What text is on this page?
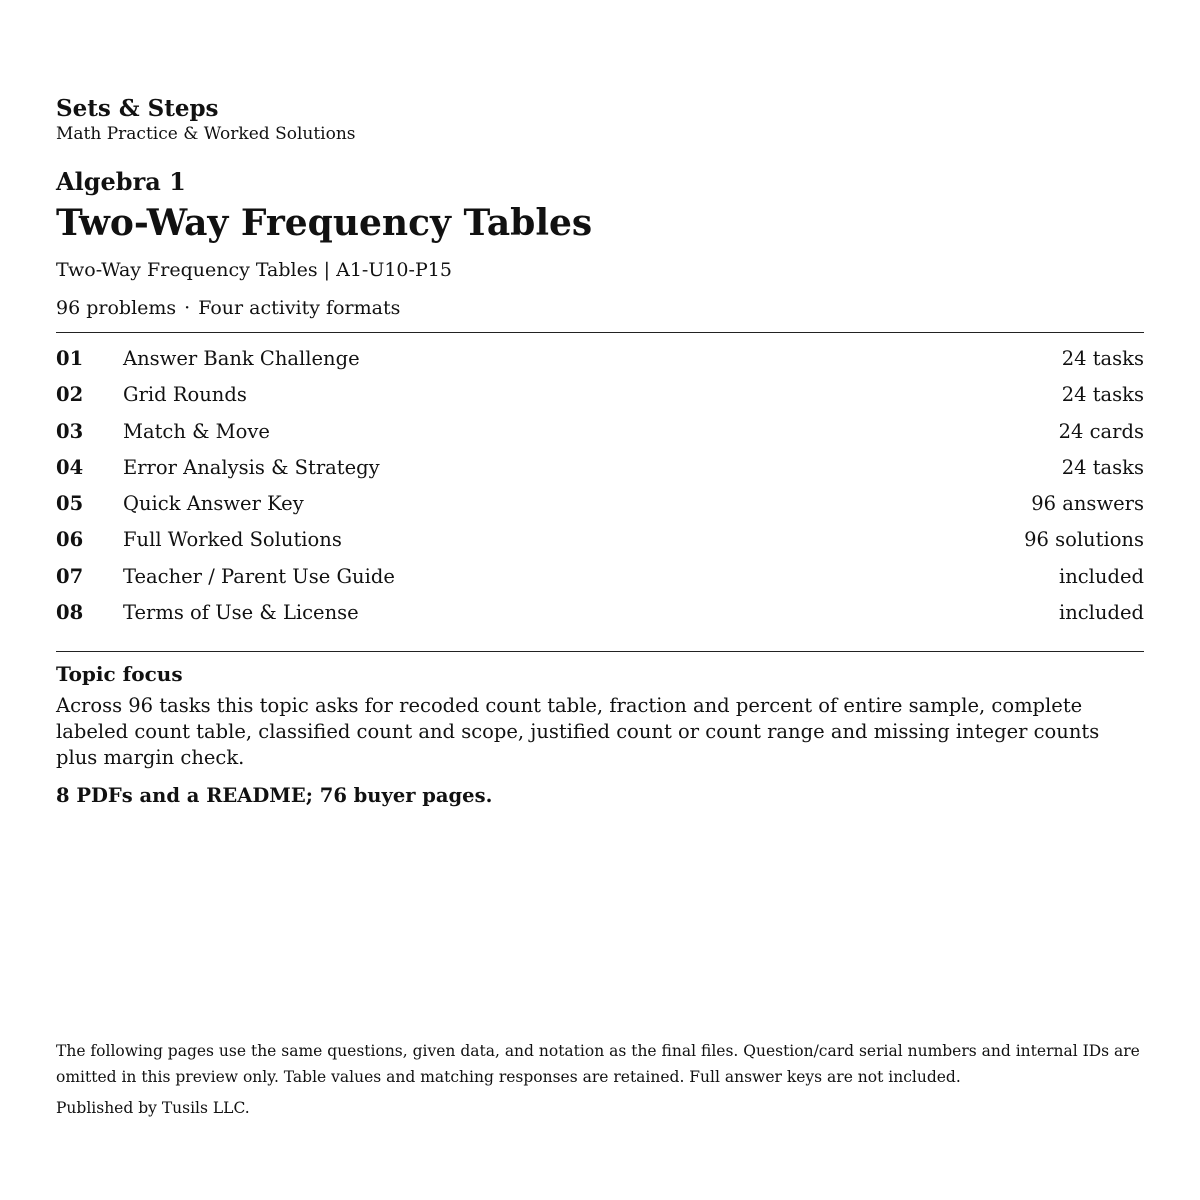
Sets & Steps

Math Practice & Worked Solutions

Algebra 1

Two-Way Frequency Tables

Two-Way Frequency Tables | A1-U10-P15

96 problems · Four activity formats

01	Answer Bank Challenge	24 tasks
02	Grid Rounds	24 tasks
03	Match & Move	24 cards
04	Error Analysis & Strategy	24 tasks
05	Quick Answer Key	96 answers
06	Full Worked Solutions	96 solutions
07	Teacher / Parent Use Guide	included
08	Terms of Use & License	included

Topic focus

Across 96 tasks this topic asks for recoded count table, fraction and percent of entire sample, complete labeled count table, classified count and scope, justified count or count range and missing integer counts plus margin check.

8 PDFs and a README; 76 buyer pages.

The following pages use the same questions, given data, and notation as the final files. Question/card serial numbers and internal IDs are omitted in this preview only. Table values and matching responses are retained. Full answer keys are not included.

Published by Tusils LLC.
